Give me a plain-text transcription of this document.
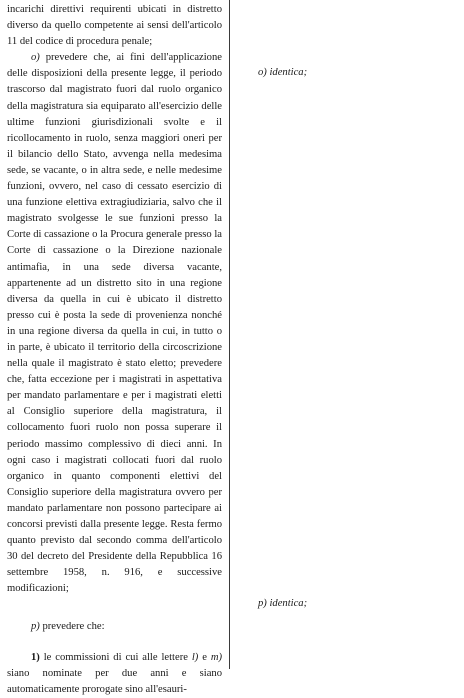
incarichi direttivi requirenti ubicati in distretto diverso da quello competente ai sensi dell'articolo 11 del codice di procedura penale;

o) prevedere che, ai fini dell'applicazione delle disposizioni della presente legge, il periodo trascorso dal magistrato fuori dal ruolo organico della magistratura sia equiparato all'esercizio delle ultime funzioni giurisdizionali svolte e il ricollocamento in ruolo, senza maggiori oneri per il bilancio dello Stato, avvenga nella medesima sede, se vacante, o in altra sede, e nelle medesime funzioni, ovvero, nel caso di cessato esercizio di una funzione elettiva extragiudiziaria, salvo che il magistrato svolgesse le sue funzioni presso la Corte di cassazione o la Procura generale presso la Corte di cassazione o la Direzione nazionale antimafia, in una sede diversa vacante, appartenente ad un distretto sito in una regione diversa da quella in cui è ubicato il distretto presso cui è posta la sede di provenienza nonché in una regione diversa da quella in cui, in tutto o in parte, è ubicato il territorio della circoscrizione nella quale il magistrato è stato eletto; prevedere che, fatta eccezione per i magistrati in aspettativa per mandato parlamentare e per i magistrati eletti al Consiglio superiore della magistratura, il collocamento fuori ruolo non possa superare il periodo massimo complessivo di dieci anni. In ogni caso i magistrati collocati fuori dal ruolo organico in quanto componenti elettivi del Consiglio superiore della magistratura ovvero per mandato parlamentare non possono partecipare ai concorsi previsti dalla presente legge. Resta fermo quanto previsto dal secondo comma dell'articolo 30 del decreto del Presidente della Repubblica 16 settembre 1958, n. 916, e successive modificazioni;

p) prevedere che:

1) le commissioni di cui alle lettere l) e m) siano nominate per due anni e siano automaticamente prorogate sino all'esauri-

o) identica;
p) identica;
